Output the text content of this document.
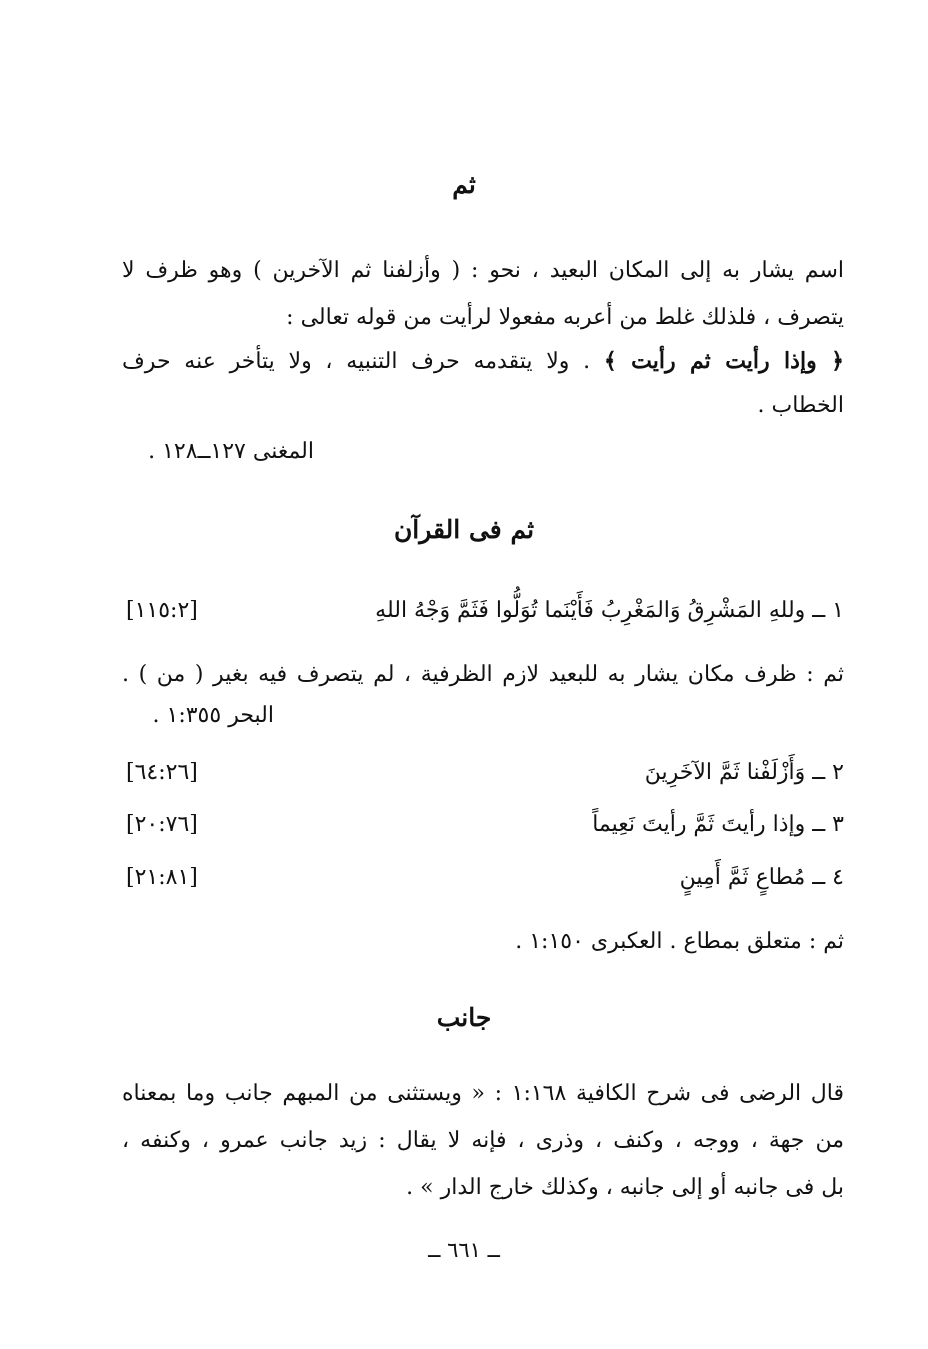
ثم
اسم يشار به إلى المكان البعيد ، نحو : ( وأزلفنا ثم الآخرين ) وهو ظرف لا
يتصرف ، فلذلك غلط من أعربه مفعولا لرأيت من قوله تعالى :
﴿ وإذا رأيت ثم رأيت ﴾ . ولا يتقدمه حرف التنبيه ، ولا يتأخر عنه حرف
الخطاب .
المغنى ١٢٧ــ١٢٨ .
ثم فى القرآن
١ ــ وللهِ المَشْرِقُ وَالمَغْرِبُ فَأَيْنَما تُوَلُّوا فَثَمَّ وَجْهُ اللهِ
[١١٥:٢]
ثم : ظرف مكان يشار به للبعيد لازم الظرفية ، لم يتصرف فيه بغير ( من ) .
البحر ١:٣٥٥ .
٢ ــ وَأَزْلَفْنا ثَمَّ الآخَرِينَ
[٦٤:٢٦]
٣ ــ وإذا رأيتَ ثَمَّ رأيتَ نَعِيماً
[٢٠:٧٦]
٤ ــ مُطاعٍ ثَمَّ أَمِينٍ
[٢١:٨١]
ثم : متعلق بمطاع . العكبرى ١:١٥٠ .
جانب
قال الرضى فى شرح الكافية ١:١٦٨ : « ويستثنى من المبهم جانب وما بمعناه
من جهة ، ووجه ، وكنف ، وذرى ، فإنه لا يقال : زيد جانب عمرو ، وكنفه ،
بل فى جانبه أو إلى جانبه ، وكذلك خارج الدار » .
ــ ٦٦١ ــ
